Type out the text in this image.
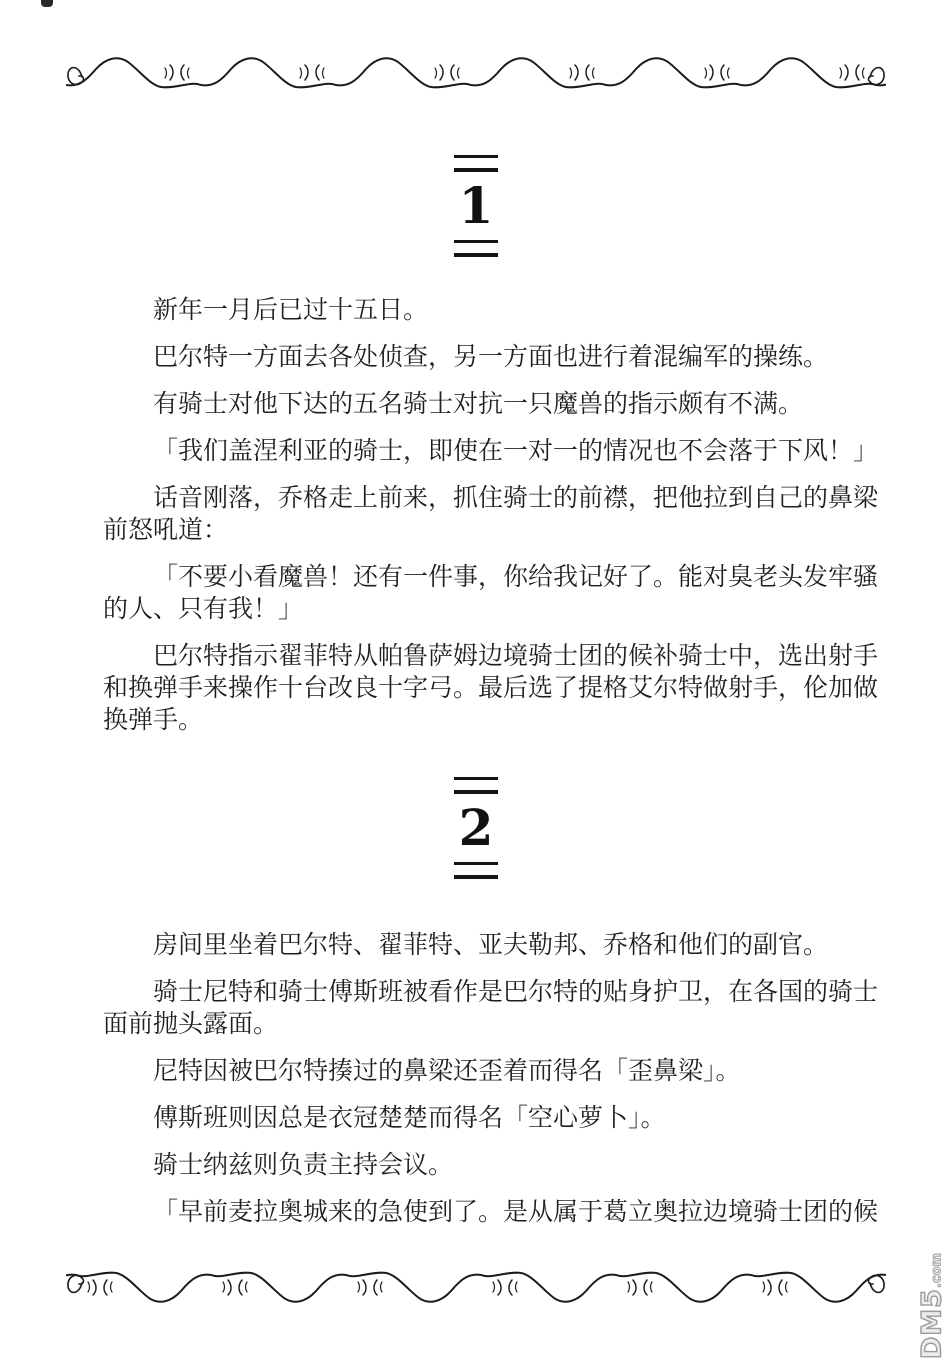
1

新年一月后已过十五日。

巴尔特一方面去各处侦查，另一方面也进行着混编军的操练。

有骑士对他下达的五名骑士对抗一只魔兽的指示颇有不满。

「我们盖涅利亚的骑士，即使在一对一的情况也不会落于下风！」

话音刚落，乔格走上前来，抓住骑士的前襟，把他拉到自己的鼻梁前怒吼道：

「不要小看魔兽！还有一件事，你给我记好了。能对臭老头发牢骚的人、只有我！」

巴尔特指示翟菲特从帕鲁萨姆边境骑士团的候补骑士中，选出射手和换弹手来操作十台改良十字弓。最后选了提格艾尔特做射手，伦加做换弹手。

2

房间里坐着巴尔特、翟菲特、亚夫勒邦、乔格和他们的副官。

骑士尼特和骑士傅斯班被看作是巴尔特的贴身护卫，在各国的骑士面前抛头露面。

尼特因被巴尔特揍过的鼻梁还歪着而得名「歪鼻梁」。

傅斯班则因总是衣冠楚楚而得名「空心萝卜」。

骑士纳兹则负责主持会议。

「早前麦拉奥城来的急使到了。是从属于葛立奥拉边境骑士团的候

DM5.com
